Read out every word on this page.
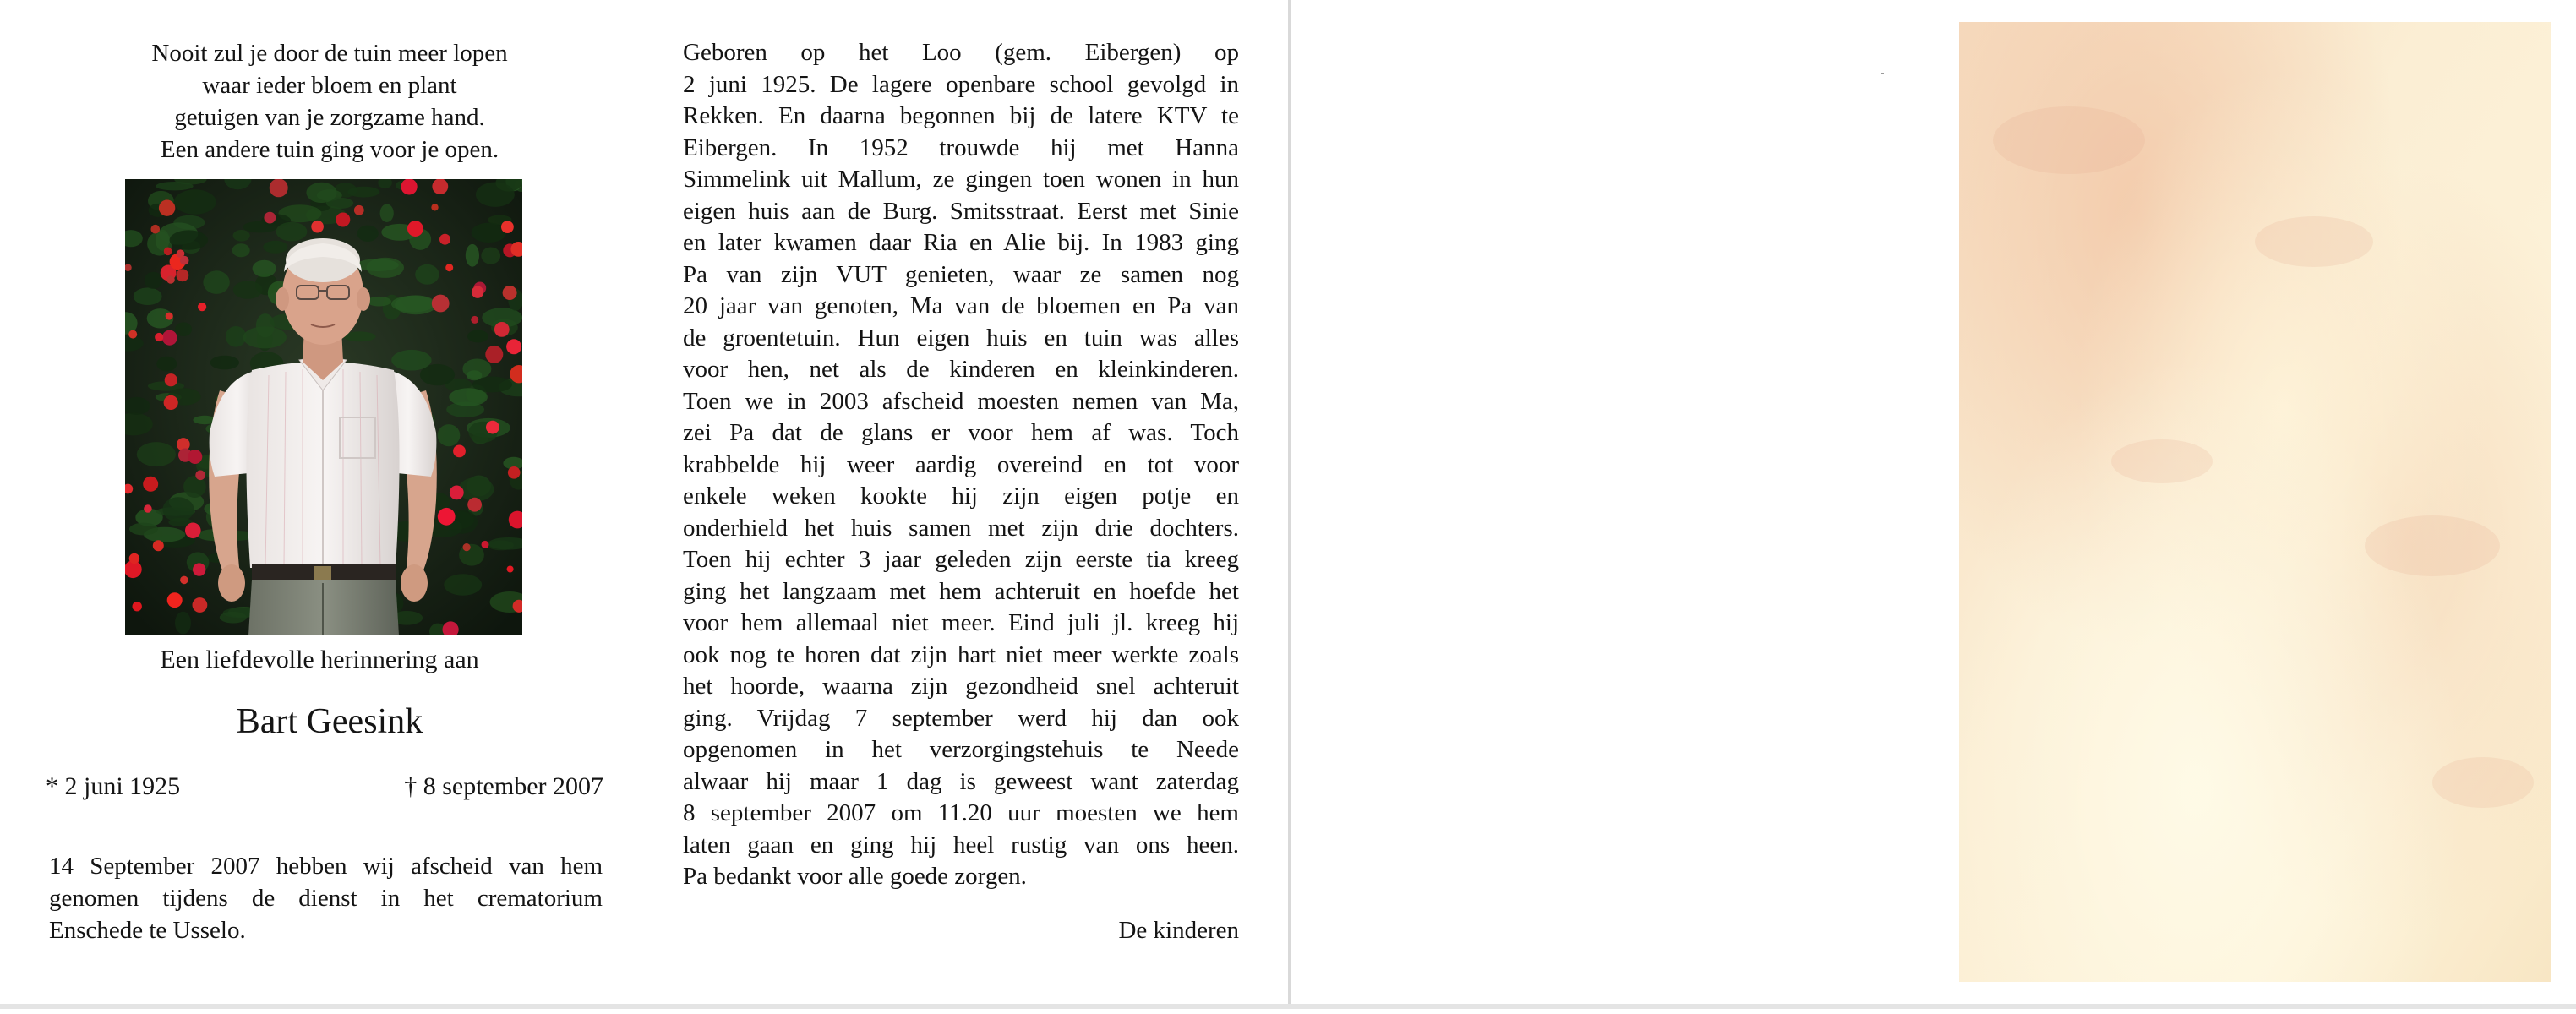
Nooit zul je door de tuin meer lopen
waar ieder bloem en plant
getuigen van je zorgzame hand.
Een andere tuin ging voor je open.
Een liefdevolle herinnering aan
Bart Geesink
* 2 juni 1925	† 8 september 2007
14 September 2007 hebben wij afscheid van hem
genomen tijdens de dienst in het crematorium
Enschede te Usselo.
Geboren op het Loo (gem. Eibergen) op
2 juni 1925. De lagere openbare school gevolgd in
Rekken. En daarna begonnen bij de latere KTV te
Eibergen. In 1952 trouwde hij met Hanna
Simmelink uit Mallum, ze gingen toen wonen in hun
eigen huis aan de Burg. Smitsstraat. Eerst met Sinie
en later kwamen daar Ria en Alie bij. In 1983 ging
Pa van zijn VUT genieten, waar ze samen nog
20 jaar van genoten, Ma van de bloemen en Pa van
de groentetuin. Hun eigen huis en tuin was alles
voor hen, net als de kinderen en kleinkinderen.
Toen we in 2003 afscheid moesten nemen van Ma,
zei Pa dat de glans er voor hem af was. Toch
krabbelde hij weer aardig overeind en tot voor
enkele weken kookte hij zijn eigen potje en
onderhield het huis samen met zijn drie dochters.
Toen hij echter 3 jaar geleden zijn eerste tia kreeg
ging het langzaam met hem achteruit en hoefde het
voor hem allemaal niet meer. Eind juli jl. kreeg hij
ook nog te horen dat zijn hart niet meer werkte zoals
het hoorde, waarna zijn gezondheid snel achteruit
ging. Vrijdag 7 september werd hij dan ook
opgenomen in het verzorgingstehuis te Neede
alwaar hij maar 1 dag is geweest want zaterdag
8 september 2007 om 11.20 uur moesten we hem
laten gaan en ging hij heel rustig van ons heen.
Pa bedankt voor alle goede zorgen.
De kinderen
